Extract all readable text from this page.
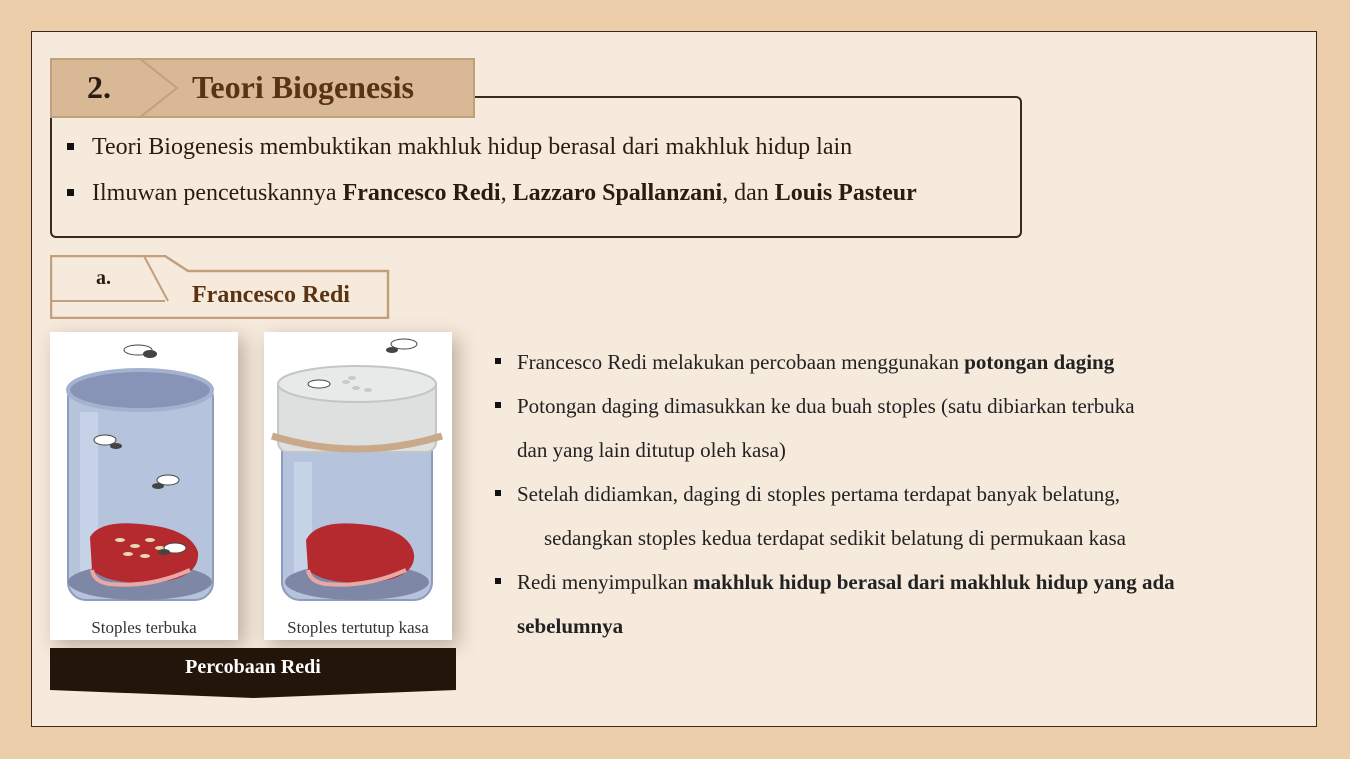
Teori Biogenesis membuktikan makhluk hidup berasal dari makhluk hidup lain
Ilmuwan pencetuskannya Francesco Redi, Lazzaro Spallanzani, dan Louis Pasteur
2.	Teori Biogenesis
a.
Francesco Redi
Stoples terbuka	Stoples tertutup kasa
Percobaan Redi
Francesco Redi melakukan percobaan menggunakan potongan daging
Potongan daging dimasukkan ke dua buah stoples (satu dibiarkan terbuka
dan yang lain ditutup oleh kasa)
Setelah didiamkan, daging di stoples pertama terdapat banyak belatung,
sedangkan stoples kedua terdapat sedikit belatung di permukaan kasa
Redi menyimpulkan makhluk hidup berasal dari makhluk hidup yang ada
sebelumnya
